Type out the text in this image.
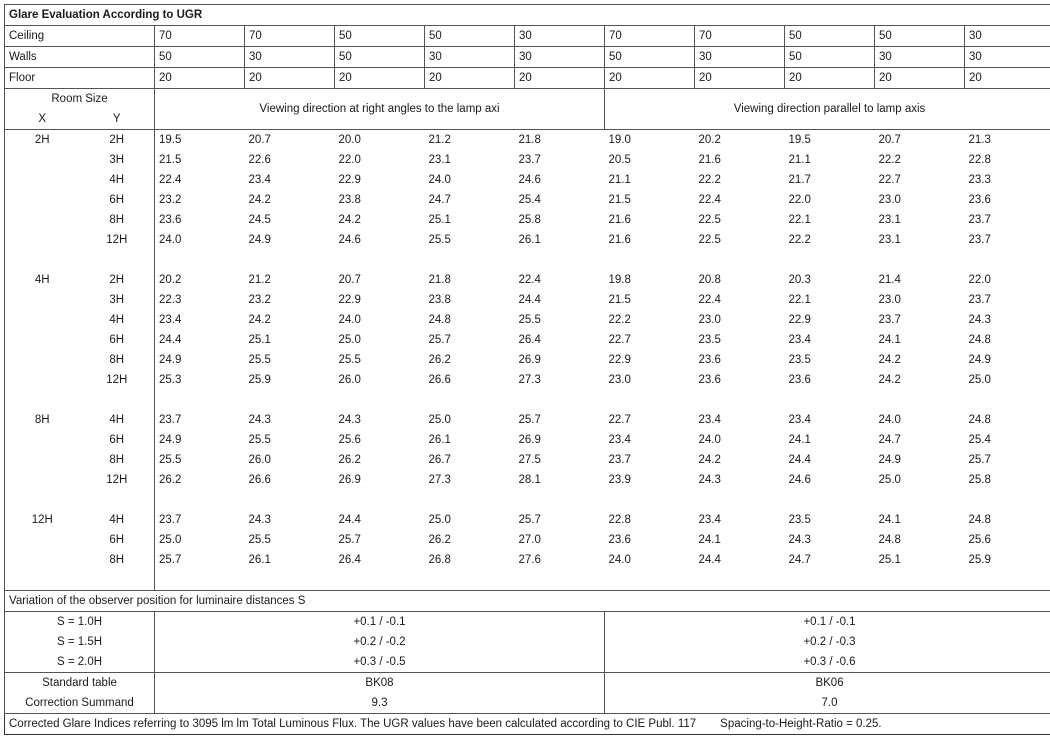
Glare Evaluation According to UGR											
Ceiling		70	70	50	50	30	70	70	50	50	30
Walls		50	30	50	30	30	50	30	50	30	30
Floor		20	20	20	20	20	20	20	20	20	20
Room Size		Viewing direction at right angles to the lamp axi					Viewing direction parallel to lamp axis				
X	Y										
2H	2H	19.5	20.7	20.0	21.2	21.8	19.0	20.2	19.5	20.7	21.3
	3H	21.5	22.6	22.0	23.1	23.7	20.5	21.6	21.1	22.2	22.8
	4H	22.4	23.4	22.9	24.0	24.6	21.1	22.2	21.7	22.7	23.3
	6H	23.2	24.2	23.8	24.7	25.4	21.5	22.4	22.0	23.0	23.6
	8H	23.6	24.5	24.2	25.1	25.8	21.6	22.5	22.1	23.1	23.7
	12H	24.0	24.9	24.6	25.5	26.1	21.6	22.5	22.2	23.1	23.7

4H	2H	20.2	21.2	20.7	21.8	22.4	19.8	20.8	20.3	21.4	22.0
	3H	22.3	23.2	22.9	23.8	24.4	21.5	22.4	22.1	23.0	23.7
	4H	23.4	24.2	24.0	24.8	25.5	22.2	23.0	22.9	23.7	24.3
	6H	24.4	25.1	25.0	25.7	26.4	22.7	23.5	23.4	24.1	24.8
	8H	24.9	25.5	25.5	26.2	26.9	22.9	23.6	23.5	24.2	24.9
	12H	25.3	25.9	26.0	26.6	27.3	23.0	23.6	23.6	24.2	25.0

8H	4H	23.7	24.3	24.3	25.0	25.7	22.7	23.4	23.4	24.0	24.8
	6H	24.9	25.5	25.6	26.1	26.9	23.4	24.0	24.1	24.7	25.4
	8H	25.5	26.0	26.2	26.7	27.5	23.7	24.2	24.4	24.9	25.7
	12H	26.2	26.6	26.9	27.3	28.1	23.9	24.3	24.6	25.0	25.8

12H	4H	23.7	24.3	24.4	25.0	25.7	22.8	23.4	23.5	24.1	24.8
	6H	25.0	25.5	25.7	26.2	27.0	23.6	24.1	24.3	24.8	25.6
	8H	25.7	26.1	26.4	26.8	27.6	24.0	24.4	24.7	25.1	25.9

Variation of the observer position for luminaire distances S											
S = 1.0H		+0.1 / -0.1					+0.1 / -0.1				
S = 1.5H		+0.2 / -0.2					+0.2 / -0.3				
S = 2.0H		+0.3 / -0.5					+0.3 / -0.6				
Standard table		BK08					BK06				
Correction Summand		9.3					7.0				
Corrected Glare Indices referring to 3095 lm lm Total Luminous Flux. The UGR values have been calculated according to CIE Publ. 117 Spacing-to-Height-Ratio = 0.25.											
